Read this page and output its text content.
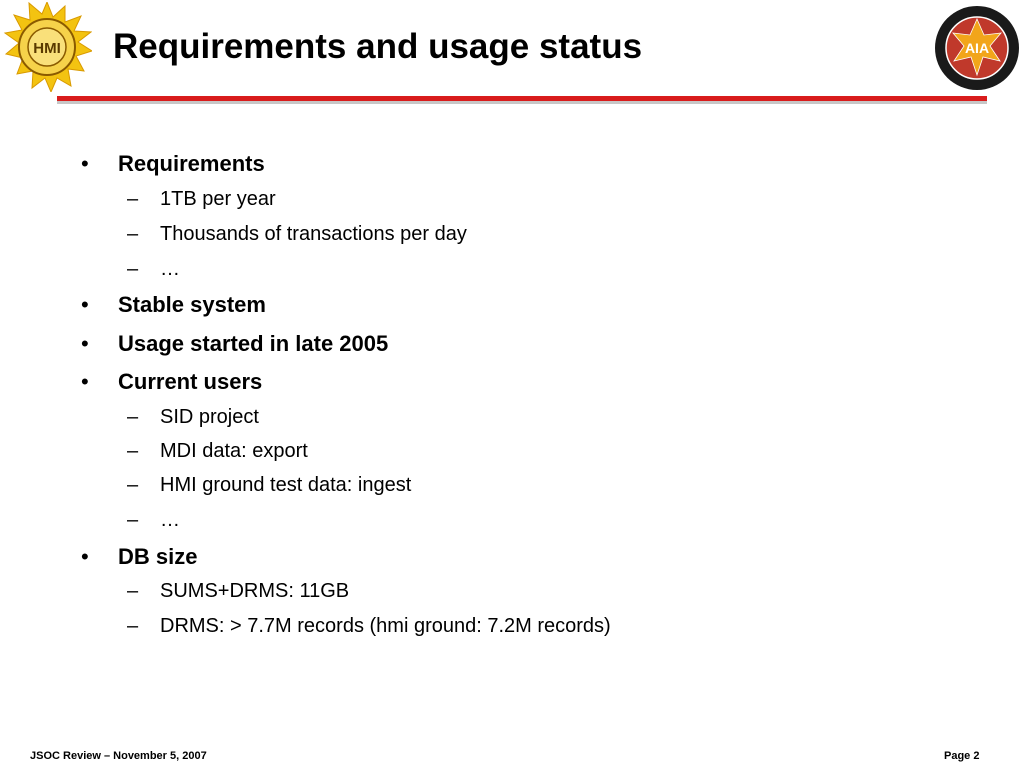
HMI Requirements and usage status	AIA
• Requirements
– 1TB per year
– Thousands of transactions per day
– …
• Stable system
• Usage started in late 2005
• Current users
– SID project
– MDI data: export
– HMI ground test data: ingest
– …
• DB size
– SUMS+DRMS: 11GB
– DRMS: > 7.7M records (hmi ground: 7.2M records)
JSOC Review – November 5, 2007	Page 2
